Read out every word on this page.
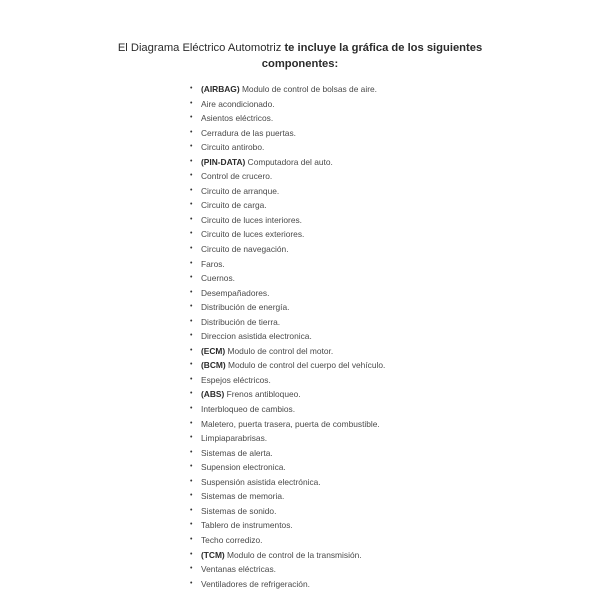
El Diagrama Eléctrico Automotriz te incluye la gráfica de los siguientes componentes:
• (AIRBAG) Modulo de control de bolsas de aire.
• Aire acondicionado.
• Asientos eléctricos.
• Cerradura de las puertas.
• Circuito antirobo.
• (PIN-DATA) Computadora del auto.
• Control de crucero.
• Circuito de arranque.
• Circuito de carga.
• Circuito de luces interiores.
• Circuito de luces exteriores.
• Circuito de navegación.
• Faros.
• Cuernos.
• Desempañadores.
• Distribución de energía.
• Distribución de tierra.
• Direccion asistida electronica.
• (ECM) Modulo de control del motor.
• (BCM) Modulo de control del cuerpo del vehículo.
• Espejos eléctricos.
• (ABS) Frenos antibloqueo.
• Interbloqueo de cambios.
• Maletero, puerta trasera, puerta de combustible.
• Limpiaparabrisas.
• Sistemas de alerta.
• Supension electronica.
• Suspensión asistida electrónica.
• Sistemas de memoria.
• Sistemas de sonido.
• Tablero de instrumentos.
• Techo corredizo.
• (TCM) Modulo de control de la transmisión.
• Ventanas eléctricas.
• Ventiladores de refrigeración.
